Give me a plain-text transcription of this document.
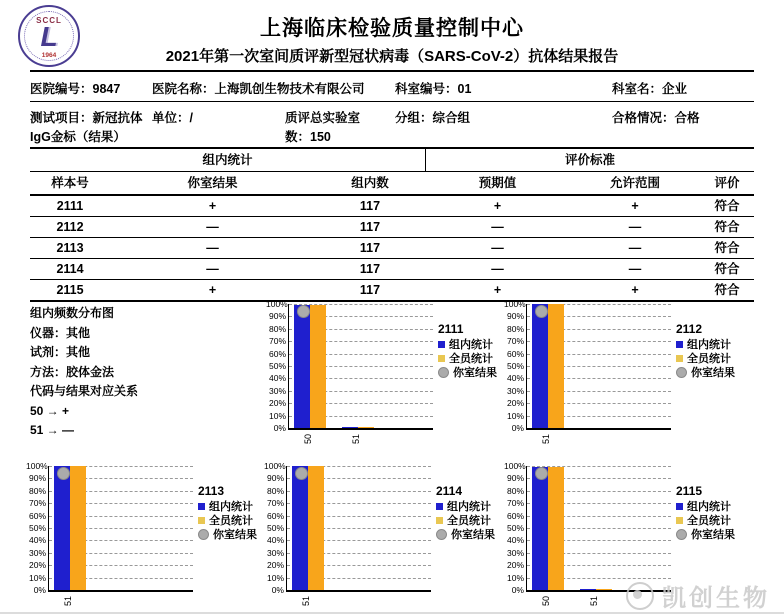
SCCL
L
1964
上海临床检验质量控制中心
2021年第一次室间质评新型冠状病毒（SARS-CoV-2）抗体结果报告
医院编号：9847	医院名称：上海凯创生物技术有限公司 科室编号：01	科室名：企业
测试项目：新冠抗体IgG金标（结果）
单位：/	质评总实验室数：150
分组：综合组	合格情况：合格
组内统计	评价标准
样本号	你室结果	组内数	预期值	允许范围	评价
2111	+	117	+	+	符合
2112	—	117	—	—	符合
2113	—	117	—	—	符合
2114	—	117	—	—	符合
2115	+	117	+	+	符合
组内频数分布图
仪器：其他
试剂：其他
方法：胶体金法
代码与结果对应关系
50 → +
51 → —	0%
10%
20%
30%
40%
50%
60%
70%
80%
90%
100%
50	51
2111
组内统计
全员统计
你室结果
0%
10%
20%
30%
40%
50%
60%
70%
80%
90%
100%
51
2112
组内统计
全员统计
你室结果
0%
10%
20%
30%
40%
50%
60%
70%
80%
90%
100%
51
2113
组内统计
全员统计
你室结果
0%
10%
20%
30%
40%
50%
60%
70%
80%
90%
100%
51
2114
组内统计
全员统计
你室结果
0%
10%
20%
30%
40%
50%
60%
70%
80%
90%
100%
50	51
2115
组内统计
全员统计
你室结果
凯创生物
